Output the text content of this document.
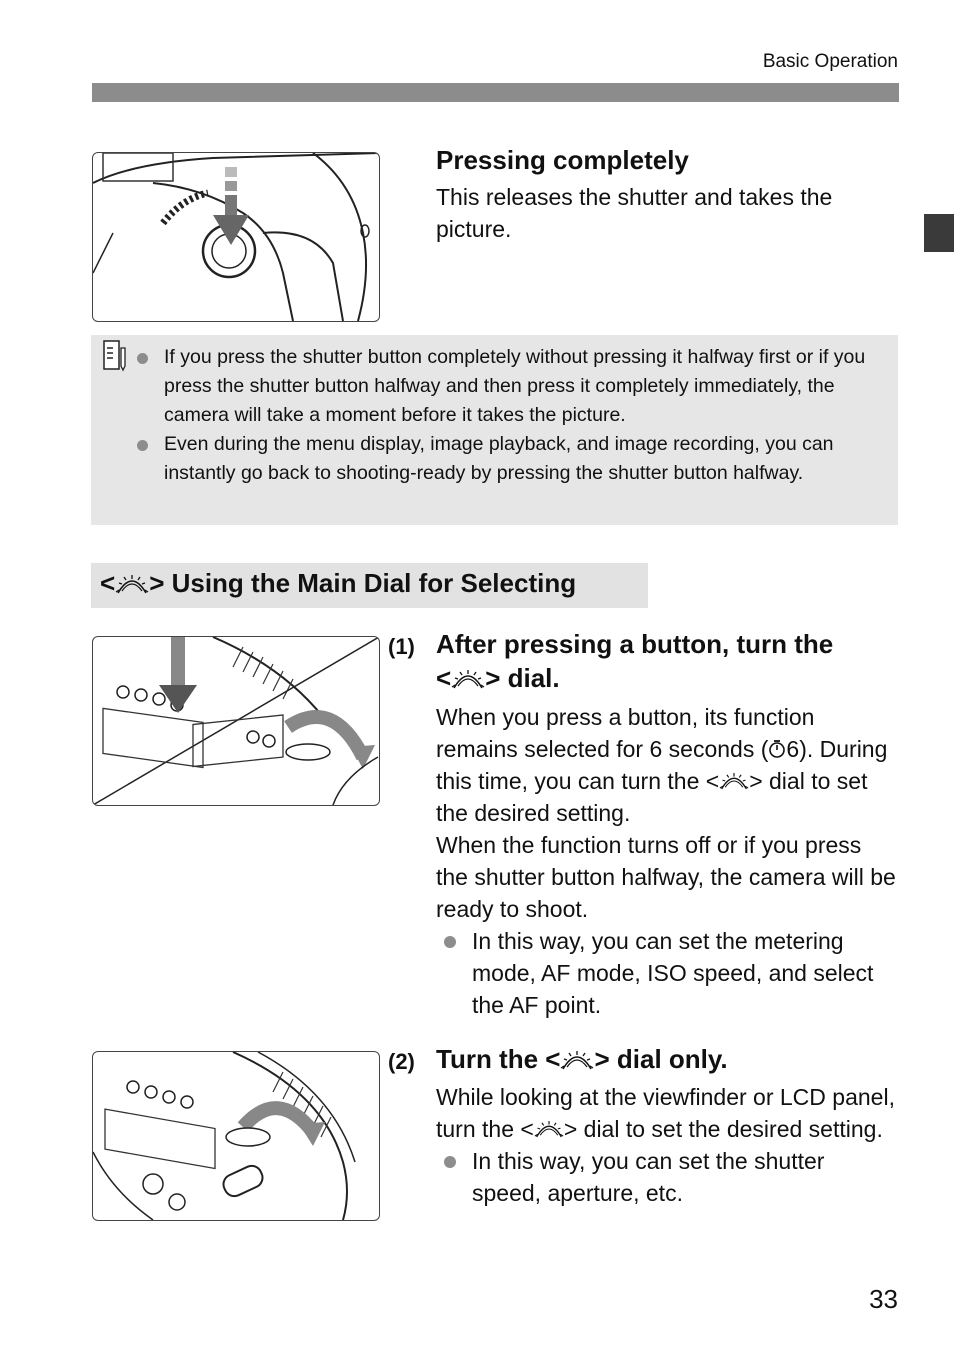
Basic Operation
Pressing completely
This releases the shutter and takes the picture.
If you press the shutter button completely without pressing it halfway first or if you press the shutter button halfway and then press it completely immediately, the camera will take a moment before it takes the picture.
Even during the menu display, image playback, and image recording, you can instantly go back to shooting-ready by pressing the shutter button halfway.
< > Using the Main Dial for Selecting
(1) After pressing a button, turn the
< > dial.
When you press a button, its function remains selected for 6 seconds ( 6). During this time, you can turn the < > dial to set the desired setting.
When the function turns off or if you press the shutter button halfway, the camera will be ready to shoot.
In this way, you can set the metering mode, AF mode, ISO speed, and select the AF point.
(2) Turn the < > dial only.
While looking at the viewfinder or LCD panel, turn the < > dial to set the desired setting.
In this way, you can set the shutter speed, aperture, etc.
33
